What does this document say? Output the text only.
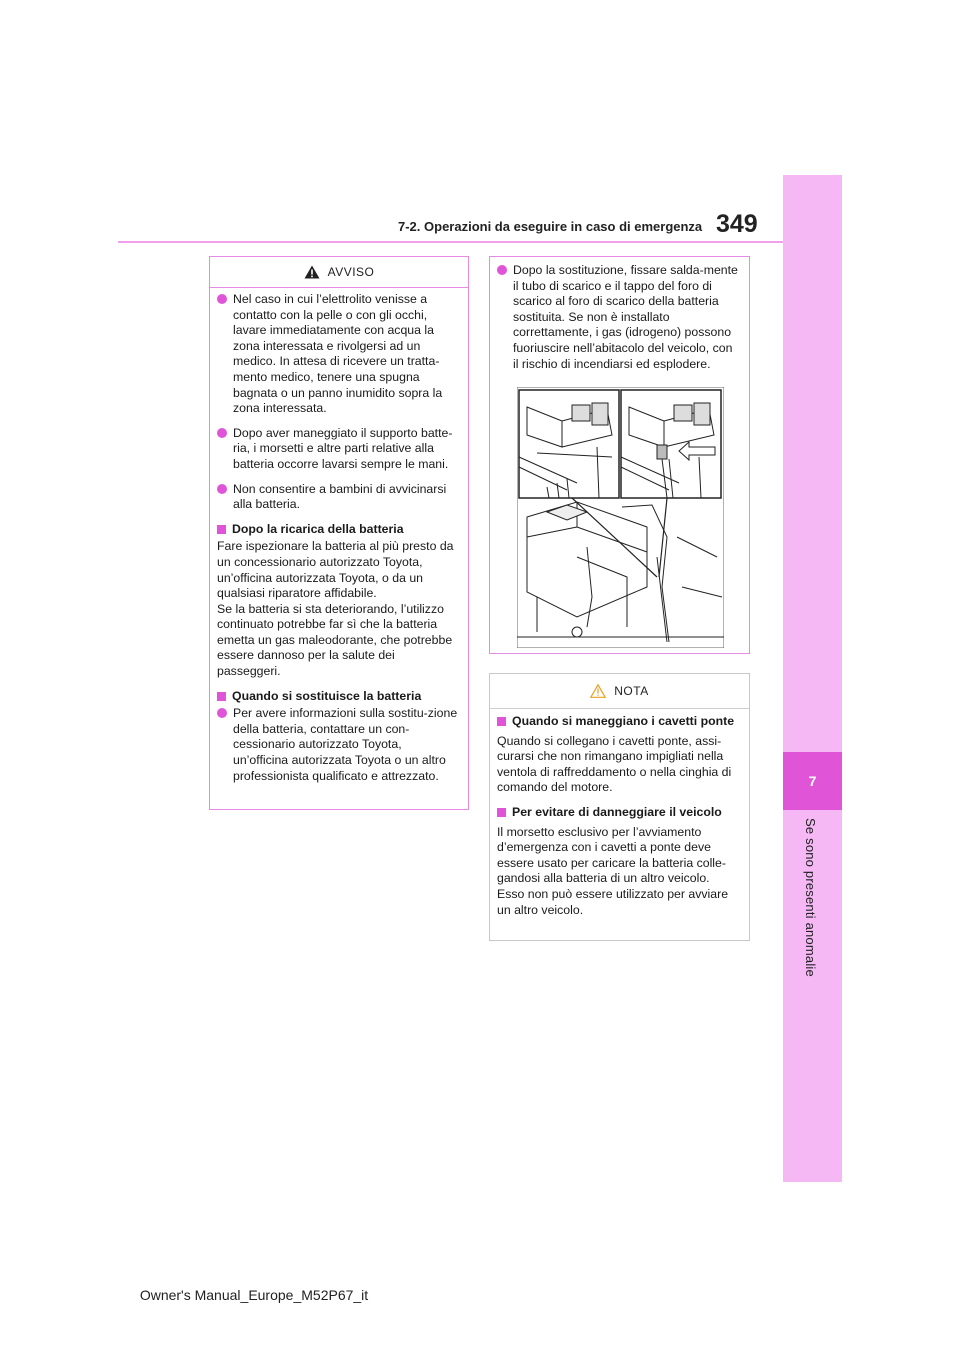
7
Se sono presenti anomalie
7-2. Operazioni da eseguire in caso di emergenza 349
AVVISO
Nel caso in cui l’elettrolito venisse a contatto con la pelle o con gli occhi, lavare immediatamente con acqua la zona interessata e rivolgersi ad un medico. In attesa di ricevere un tratta-mento medico, tenere una spugna bagnata o un panno inumidito sopra la zona interessata.
Dopo aver maneggiato il supporto batte-ria, i morsetti e altre parti relative alla batteria occorre lavarsi sempre le mani.
Non consentire a bambini di avvicinarsi alla batteria.
Dopo la ricarica della batteria
Fare ispezionare la batteria al più presto da un concessionario autorizzato Toyota, un’officina autorizzata Toyota, o da un qualsiasi riparatore affidabile.
Se la batteria si sta deteriorando, l’utilizzo continuato potrebbe far sì che la batteria emetta un gas maleodorante, che potrebbe essere dannoso per la salute dei passeggeri.
Quando si sostituisce la batteria
Per avere informazioni sulla sostitu-zione della batteria, contattare un con-cessionario autorizzato Toyota, un’officina autorizzata Toyota o un altro professionista qualificato e attrezzato.
Dopo la sostituzione, fissare salda-mente il tubo di scarico e il tappo del foro di scarico al foro di scarico della batteria sostituita. Se non è installato correttamente, i gas (idrogeno) possono fuoriuscire nell’abitacolo del veicolo, con il rischio di incendiarsi ed esplodere.
NOTA
Quando si maneggiano i cavetti ponte
Quando si collegano i cavetti ponte, assi-curarsi che non rimangano impigliati nella ventola di raffreddamento o nella cinghia di comando del motore.
Per evitare di danneggiare il veicolo
Il morsetto esclusivo per l’avviamento d’emergenza con i cavetti a ponte deve essere usato per caricare la batteria colle-gandosi alla batteria di un altro veicolo. Esso non può essere utilizzato per avviare un altro veicolo.
Owner's Manual_Europe_M52P67_it
